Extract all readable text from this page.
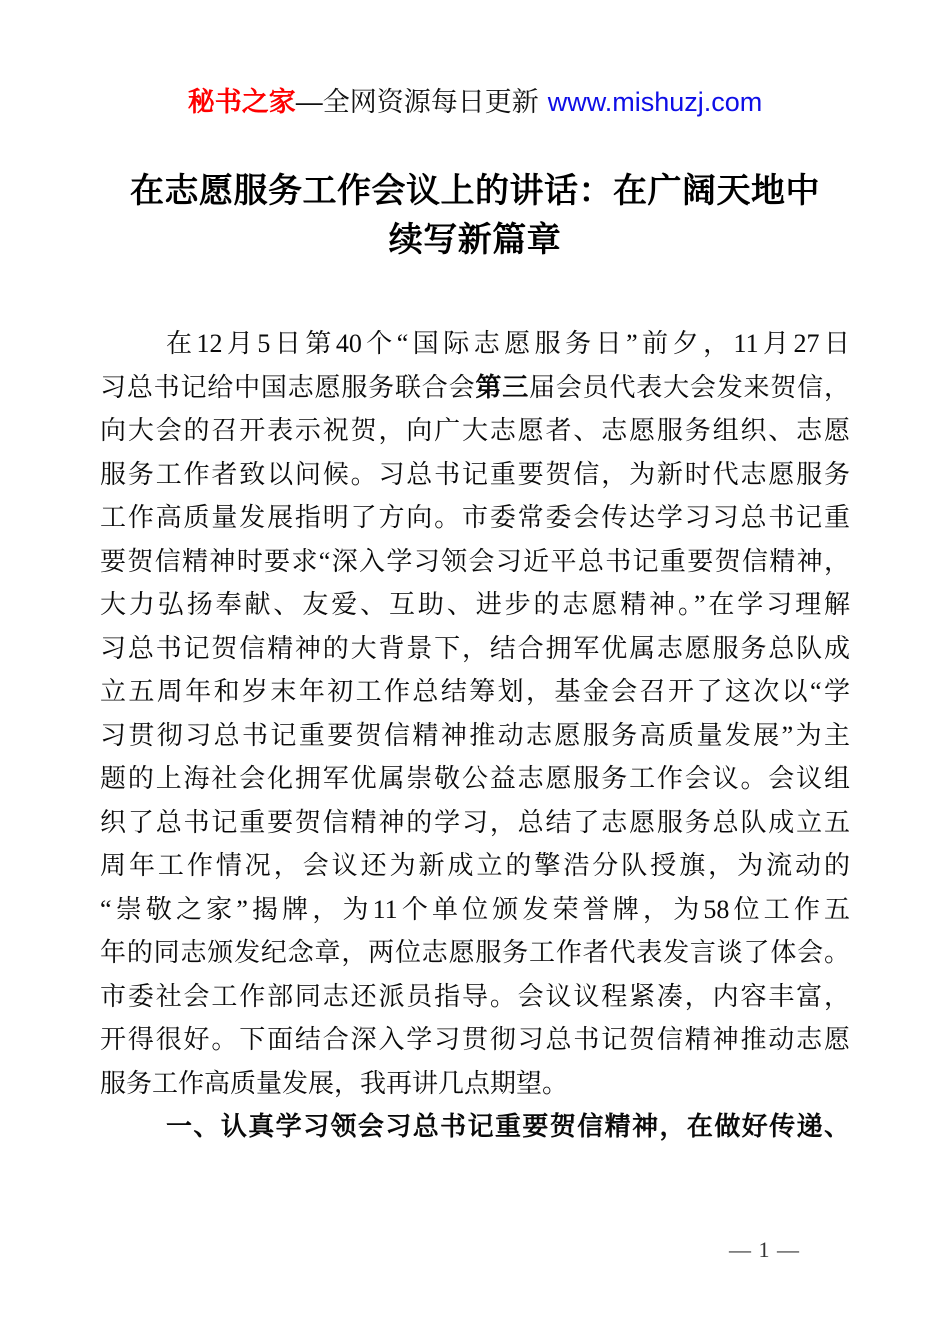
秘书之家—全网资源每日更新 www.mishuzj.com
在志愿服务工作会议上的讲话：在广阔天地中
续写新篇章
在12月5日第40个“国际志愿服务日”前夕，11月27日
习总书记给中国志愿服务联合会第三届会员代表大会发来贺信，
向大会的召开表示祝贺，向广大志愿者、志愿服务组织、志愿
服务工作者致以问候。习总书记重要贺信，为新时代志愿服务
工作高质量发展指明了方向。市委常委会传达学习习总书记重
要贺信精神时要求“深入学习领会习近平总书记重要贺信精神，
大力弘扬奉献、友爱、互助、进步的志愿精神。”在学习理解
习总书记贺信精神的大背景下，结合拥军优属志愿服务总队成
立五周年和岁末年初工作总结筹划，基金会召开了这次以“学
习贯彻习总书记重要贺信精神推动志愿服务高质量发展”为主
题的上海社会化拥军优属崇敬公益志愿服务工作会议。会议组
织了总书记重要贺信精神的学习，总结了志愿服务总队成立五
周年工作情况，会议还为新成立的擎浩分队授旗，为流动的
“崇敬之家”揭牌，为11个单位颁发荣誉牌，为58位工作五
年的同志颁发纪念章，两位志愿服务工作者代表发言谈了体会。
市委社会工作部同志还派员指导。会议议程紧凑，内容丰富，
开得很好。下面结合深入学习贯彻习总书记贺信精神推动志愿
服务工作高质量发展，我再讲几点期望。
一、认真学习领会习总书记重要贺信精神，在做好传递、
— 1 —
